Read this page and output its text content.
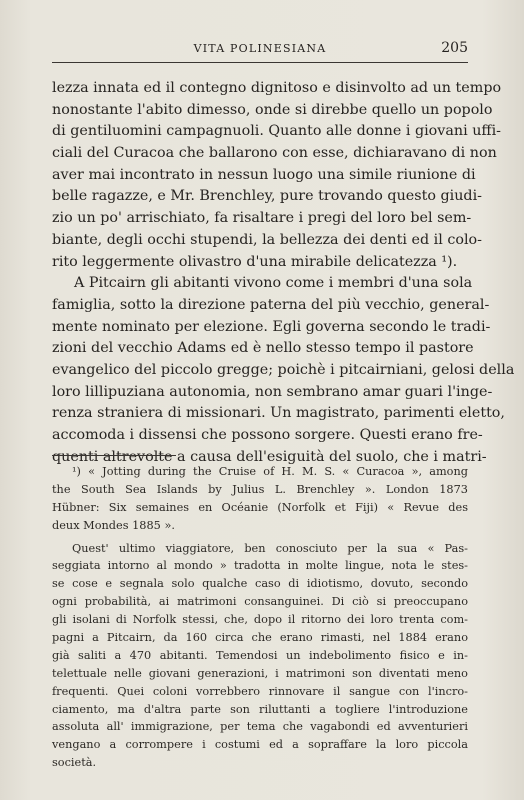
VITA POLINESIANA	205
lezza innata ed il contegno dignitoso e disinvolto ad un tempo
nonostante l'abito dimesso, onde si direbbe quello un popolo
di gentiluomini campagnuoli. Quanto alle donne i giovani uffi-
ciali del Curacoa che ballarono con esse, dichiaravano di non
aver mai incontrato in nessun luogo una simile riunione di
belle ragazze, e Mr. Brenchley, pure trovando questo giudi-
zio un po' arrischiato, fa risaltare i pregi del loro bel sem-
biante, degli occhi stupendi, la bellezza dei denti ed il colo-
rito leggermente olivastro d'una mirabile delicatezza ¹).
A Pitcairn gli abitanti vivono come i membri d'una sola
famiglia, sotto la direzione paterna del più vecchio, general-
mente nominato per elezione. Egli governa secondo le tradi-
zioni del vecchio Adams ed è nello stesso tempo il pastore
evangelico del piccolo gregge; poichè i pitcairniani, gelosi della
loro lillipuziana autonomia, non sembrano amar guari l'inge-
renza straniera di missionari. Un magistrato, parimenti eletto,
accomoda i dissensi che possono sorgere. Questi erano fre-
quenti altrevolte a causa dell'esiguità del suolo, che i matri-
¹) « Jotting during the Cruise of H. M. S. « Curacoa », among
the South Sea Islands by Julius L. Brenchley ». London 1873
Hübner: Six semaines en Océanie (Norfolk et Fiji) « Revue des
deux Mondes 1885 ».
Quest' ultimo viaggiatore, ben conosciuto per la sua « Pas-
seggiata intorno al mondo » tradotta in molte lingue, nota le stes-
se cose e segnala solo qualche caso di idiotismo, dovuto, secondo
ogni probabilità, ai matrimoni consanguinei. Di ciò si preoccupano
gli isolani di Norfolk stessi, che, dopo il ritorno dei loro trenta com-
pagni a Pitcairn, da 160 circa che erano rimasti, nel 1884 erano
già saliti a 470 abitanti. Temendosi un indebolimento fisico e in-
telettuale nelle giovani generazioni, i matrimoni son diventati meno
frequenti. Quei coloni vorrebbero rinnovare il sangue con l'incro-
ciamento, ma d'altra parte son riluttanti a togliere l'introduzione
assoluta all' immigrazione, per tema che vagabondi ed avventurieri
vengano a corrompere i costumi ed a sopraffare la loro piccola
società.
